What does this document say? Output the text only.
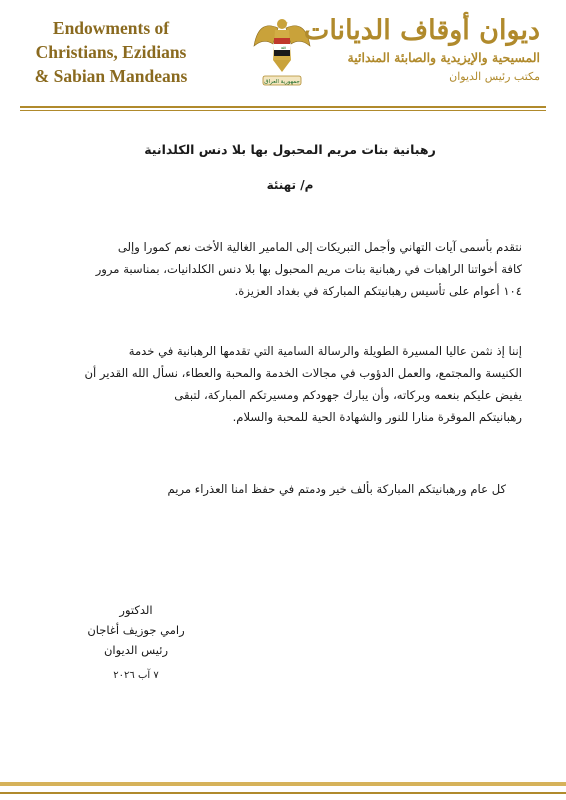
Endowments of
Christians, Ezidians
& Sabian Mandeans
ﷲ
جمهورية العراق
ديوان أوقاف الديانات
المسيحية والإيزيدية والصابئة المندائية
مكتب رئيس الديوان
رهبانية بنات مريم المحبول بها بلا دنس الكلدانية
م/ تهنئة
نتقدم بأسمى آيات التهاني وأجمل التبريكات إلى المامير الغالية الأخت نعم كمورا وإلى
كافة أخواتنا الراهبات في رهبانية بنات مريم المحبول بها بلا دنس الكلدانيات، بمناسبة مرور
١٠٤ أعوام على تأسيس رهبانيتكم المباركة في بغداد العزيزة.
إننا إذ نثمن عاليا المسيرة الطويلة والرسالة السامية التي تقدمها الرهبانية في خدمة
الكنيسة والمجتمع، والعمل الدؤوب في مجالات الخدمة والمحبة والعطاء، نسأل الله القدير أن
يفيض عليكم بنعمه وبركاته، وأن يبارك جهودكم ومسيرتكم المباركة، لتبقى
رهبانيتكم الموقرة منارا للنور والشهادة الحية للمحبة والسلام.
كل عام ورهبانيتكم المباركة بألف خير ودمتم في حفظ امنا العذراء مريم
الدكتور
رامي جوزيف أغاجان
رئيس الديوان
٧ آب ٢٠٢٦
